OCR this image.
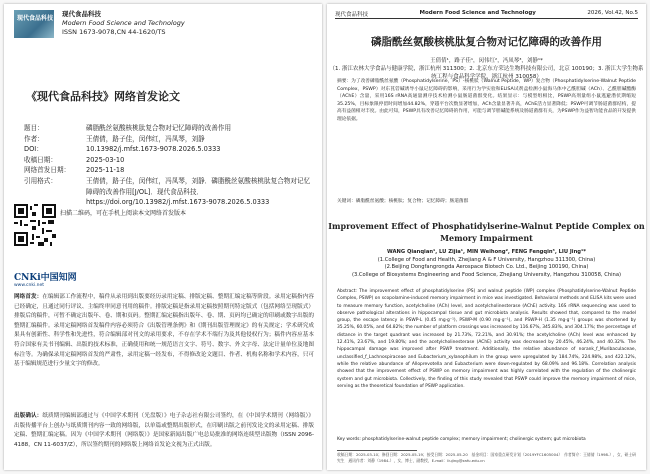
现代食品科技
现代食品科技
Modern Food Science and Technology
ISSN 1673-9078,CN 44-1620/TS
《现代食品科技》网络首发论文
题目：	磷脂酰丝氨酸核桃肽复合物对记忆障碍的改善作用
作者：	王倩倩，路子佳，闵伟红，冯凤琴，刘静
DOI：	10.13982/j.mfst.1673-9078.2026.5.0333
收稿日期：	2025-03-10
网络首发日期：	2025-11-18
引用格式：	王倩倩，路子佳，闵伟红，冯凤琴，刘静．磷脂酰丝氨酸核桃肽复合物对记忆障碍的改善作用[J/OL]．现代食品科技．https://doi.org/10.13982/j.mfst.1673-9078.2026.5.0333
扫描二维码，可在手机上阅读本文网络首发版本
CNKi中国知网
www.cnki.net
网络首发：在编辑部工作流程中，稿件从录用到出版要经历录用定稿、排版定稿、整期汇编定稿等阶段。录用定稿指内容已经确定，且通过同行评议、主编终审同意刊用的稿件。排版定稿是指录用定稿按照期刊特定版式（包括网络呈现版式）排版后的稿件，可暂不确定出版年、卷、期和页码。整期汇编定稿指出版年、卷、期、页码均已确定的印刷或数字出版的整期汇编稿件。录用定稿网络首发稿件内容必须符合《出版管理条例》和《期刊出版管理规定》的有关规定；学术研究成果具有创新性、科学性和先进性，符合编辑部对刊文的录用要求，不存在学术不端行为及其他侵权行为；稿件内容应基本符合国家有关书刊编辑、出版的技术标准，正确使用和统一规范语言文字、符号、数字、外文字母、法定计量单位及地图标注等。为确保录用定稿网络首发的严肃性，录用定稿一经发布，不得修改论文题目、作者、机构名称和学术内容，只可基于编辑规范进行少量文字的修改。
出版确认：纸质期刊编辑部通过与《中国学术期刊（光盘版）》电子杂志社有限公司签约，在《中国学术期刊（网络版）》出版传播平台上创办与纸质期刊内容一致的网络版，以单篇或整期出版形式，在印刷出版之前刊发论文的录用定稿、排版定稿、整期汇编定稿。因为《中国学术期刊（网络版）》是国家新闻出版广电总局批准的网络连续型出版物（ISSN 2096-4188，CN 11-6037/Z），所以签约期刊的网络版上网络首发论文视为正式出版。
现代食品科技	Modern Food Science and Technology	2026, Vol.42, No.5
磷脂酰丝氨酸核桃肽复合物对记忆障碍的改善作用
王倩倩¹，路子佳¹，闵伟红²，冯凤琴³，刘静¹*
（1. 浙江农林大学食品与健康学院，浙江杭州 311300；2. 北京东方荣达生物科技有限公司，北京 100190；3. 浙江大学生物系统工程与食品科学学院，浙江杭州 310058）
摘要：为了改善磷脂酰丝氨酸（Phosphatidylserine，PS）-核桃肽（Walnut Peptide，WP）复合物（Phosphatidylserine-Walnut Peptide Complex，PSWP）对东莨菪碱诱导小鼠记忆障碍的影响，采用行为学实验和ELISA试剂盒检测小鼠海马体中乙酰胆碱（ACh）、乙酰胆碱酯酶（AChE）含量，采用16S rRNA高通量测序技术检测小鼠肠道菌群变化。结果显示：与模型组相比，PSWP高剂量组小鼠逃避潜伏期缩短35.25%，目标象限停留时间增加44.82%，穿越平台次数显著增加，ACh含量显著升高，AChE活力显著降低；PSWP可调节肠道菌群结构，提高有益菌相对丰度。由此可知，PSWP具有改善记忆障碍的作用，可能与调节胆碱能系统及肠道菌群有关，为PSWP作为益智功能食品的开发提供理论依据。
关键词：磷脂酰丝氨酸；核桃肽；复合物；记忆障碍；肠道菌群
Improvement Effect of Phosphatidylserine-Walnut Peptide Complex on Memory Impairment
WANG Qianqian¹, LU Zijia¹, MIN Weihong², FENG Fengqin³, LIU Jing¹*
(1.College of Food and Health, Zhejiang A & F University, Hangzhou 311300, China)
(2.Beijing Dongfangrongda Aerospace Biotech Co. Ltd., Beijing 100190, China)
(3.College of Biosystems Engineering and Food Science, Zhejiang University, Hangzhou 310058, China)
Abstract: The improvement effect of phosphatidylserine (PS) and walnut peptide (WP) complex (Phosphatidylserine-Walnut Peptide Complex, PSWP) on scopolamine-induced memory impairment in mice was investigated. Behavioral methods and ELISA kits were used to measure memory function, acetylcholine (ACh) level, and acetylcholinesterase (AChE) activity. 16S rRNA sequencing was used to observe pathological alterations in hippocampal tissue and gut microbiota analysis. Results showed that, compared to the model group, the escape latency in PSWP-L (0.45 mg·g⁻¹), PSWP-M (0.90 mg·g⁻¹), and PSWP-H (1.35 mg·g⁻¹) groups was shortened by 35.25%, 60.05%, and 64.82%; the number of platform crossings was increased by 116.67%, 345.83%, and 304.17%; the percentage of distance in the target quadrant was increased by 21.73%, 72.21%, and 30.91%; the acetylcholine (ACh) level was enhanced by 12.41%, 23.67%, and 19.80%; and the acetylcholinesterase (AChE) activity was decreased by 20.45%, 46.24%, and 40.32%. The hippocampal damage was improved after PSWP treatment. Additionally, the relative abundance of norank_f_Muribaculaceae, unclassified_f_Lachnospiraceae and Eubacterium_xylanophilum in the group were upregulated by 184.74%, 224.98%, and 422.12%, while the relative abundance of Alloprevotella and Eubacterium were down-regulated by 68.09% and 96.18%. Correlation analysis showed that the improvement effect of PSWP on memory impairment was highly correlated with the regulation of the cholinergic system and gut microbiota. Collectively, the finding of this study revealed that PSWP could improve the memory impairment of mice, serving as the theoretical foundation of PSWP application.
Key words: phosphatidylserine-walnut peptide complex; memory impairment; cholinergic system; gut microbiota
收稿日期：2025-03-10；修回日期：2025-05-19；接受日期：2025-05-20　基金项目：国家重点研发计划（2019YFC1605004）　作者简介：王倩倩（1998-），女，硕士研究生　通讯作者：刘静（1984-），女，博士，副教授，E-mail：liujing@zafu.edu.cn
